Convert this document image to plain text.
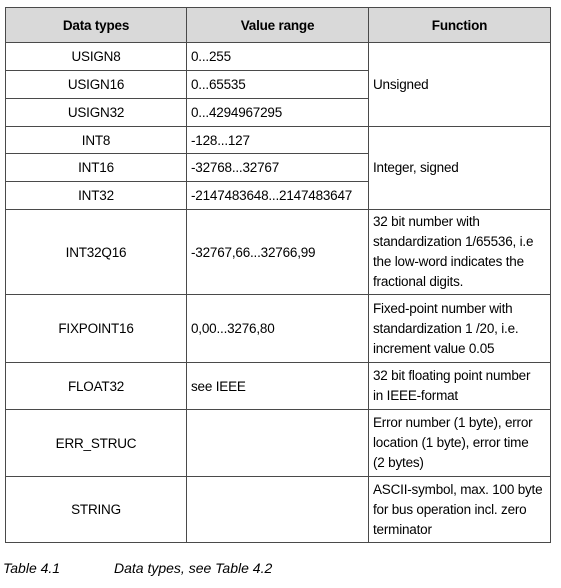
Data types	Value range	Function
USIGN8	0...255	Unsigned
USIGN16	0...65535	
USIGN32	0...4294967295	
INT8	-128...127	Integer, signed
INT16	-32768...32767	
INT32	-2147483648...2147483647	
INT32Q16	-32767,66...32766,99	32 bit number with
standardization 1/65536, i.e
the low-word indicates the
fractional digits.
FIXPOINT16	0,00...3276,80	Fixed-point number with
standardization 1 /20, i.e.
increment value 0.05
FLOAT32	see IEEE	32 bit floating point number
in IEEE-format
ERR_STRUC		Error number (1 byte), error
location (1 byte), error time
(2 bytes)
STRING		ASCII-symbol, max. 100 byte
for bus operation incl. zero
terminator
Table 4.1	Data types, see Table 4.2
